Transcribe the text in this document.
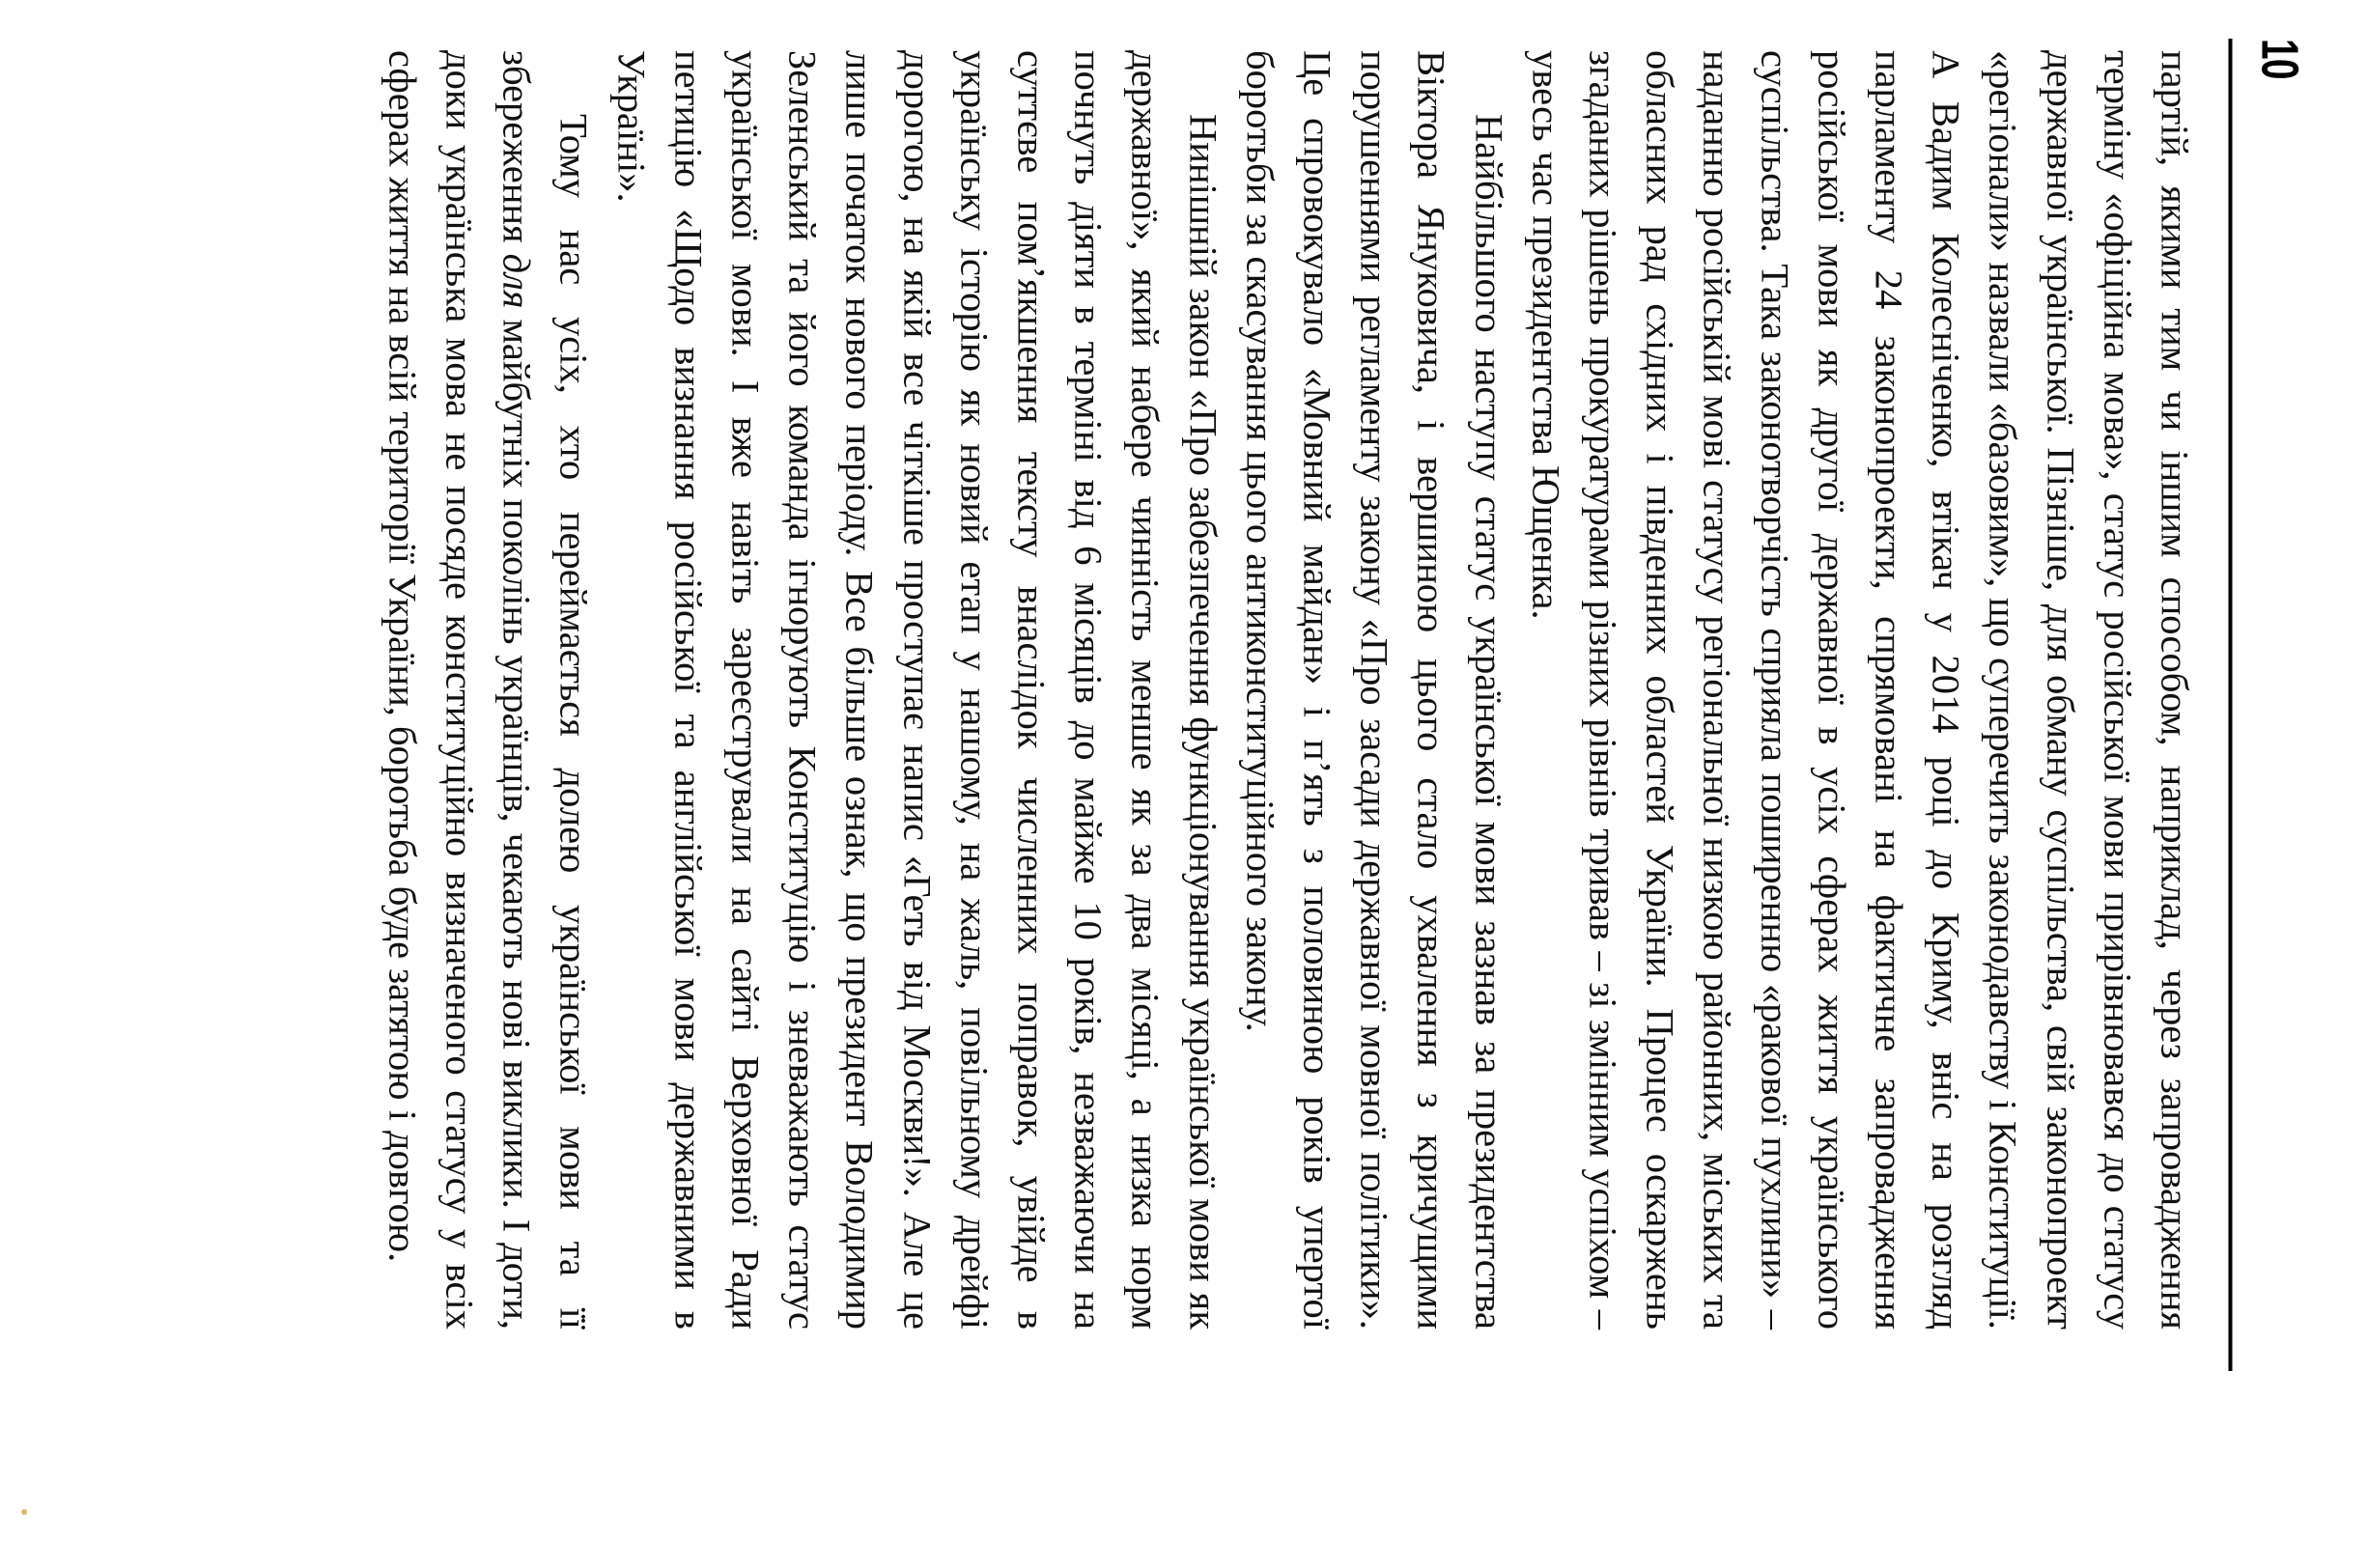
10

партій, якими тим чи іншим способом, наприклад, через запровадження терміну «офіційна мова», статус російської мови прирівнювався до статусу державної української. Пізніше, для обману суспільства, свій законопроект «регіонали» назвали «базовим», що суперечить законодавству і Конституції. А Вадим Колесніченко, втікач у 2014 році до Криму, вніс на розгляд парламенту 24 законопроекти, спрямовані на фактичне запровадження російської мови як другої державної в усіх сферах життя українського суспільства. Така законотворчість сприяла поширенню «ракової пухлини» – наданню російській мові статусу регіональної низкою районних, міських та обласних рад східних і південних областей України. Процес оскаржень згаданих рішень прокуратурами різних рівнів тривав – зі змінним успіхом – увесь час президентства Ющенка.

Найбільшого наступу статус української мови зазнав за президентства Віктора Януковича, і вершиною цього стало ухвалення з кричущими порушеннями регламенту закону «Про засади державної мовної політики». Це спровокувало «Мовний майдан» і п’ять з половиною років упертої боротьби за скасування цього антиконституційного закону.

Нинішній закон «Про забезпечення функціонування української мови як державної», який набере чинність менше як за два місяці, а низка норм почнуть діяти в терміні від 6 місяців до майже 10 років, незважаючи на суттєве пом’якшення тексту внаслідок численних поправок, увійде в українську історію як новий етап у нашому, на жаль, повільному дрейфі дорогою, на якій все чіткіше проступає напис «Геть від Москви!». Але це лише початок нового періоду. Все більше ознак, що президент Володимир Зеленський та його команда ігнорують Конституцію і зневажають статус української мови. І вже навіть зареєстрували на сайті Верховної Ради петицію «Щодо визнання російської та англійської мови державними в Україні».

Тому нас усіх, хто переймається долею української мови та її збереження для майбутніх поколінь українців, чекають нові виклики. І доти, доки українська мова не посяде конституційно визначеного статусу у всіх сферах життя на всій території України, боротьба буде затятою і довгою.
